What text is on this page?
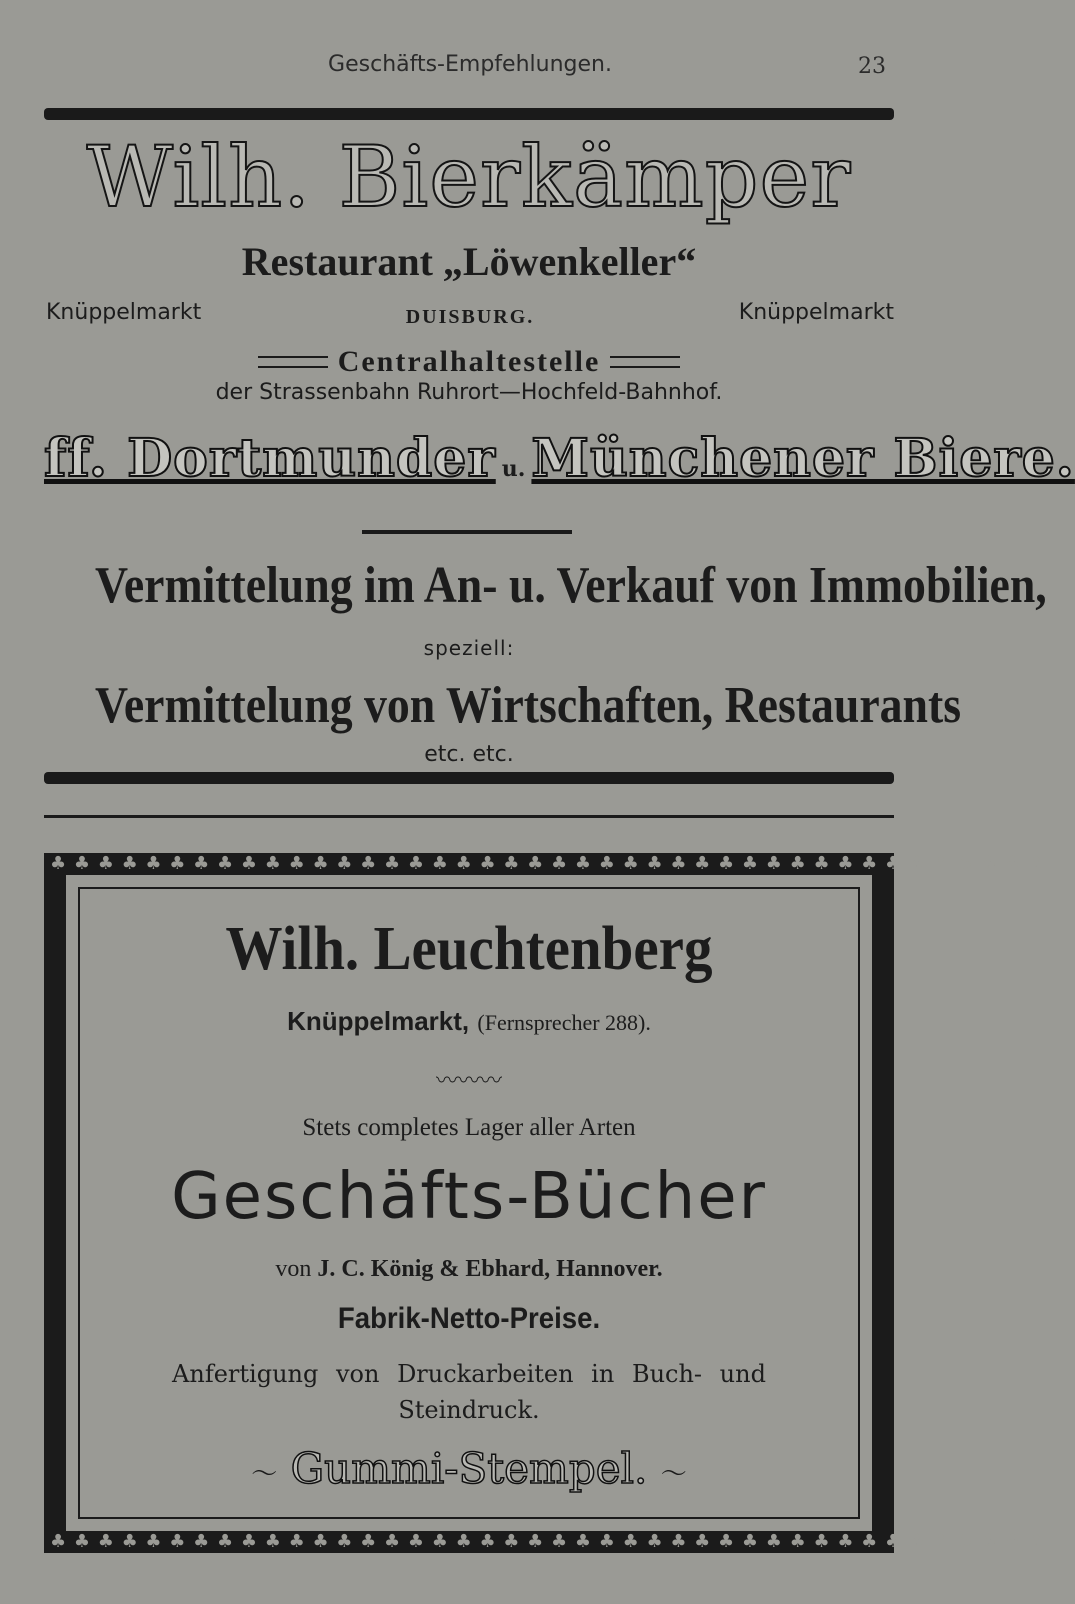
Geschäfts-Empfehlungen.	23
Wilh. Bierkämper
Restaurant „Löwenkeller“
Knüppelmarkt	DUISBURG.	Knüppelmarkt
Centralhaltestelle
der Strassenbahn Ruhrort—Hochfeld-Bahnhof.
ff. Dortmunder u. Münchener Biere.
Vermittelung im An- u. Verkauf von Immobilien,
speziell:
Vermittelung von Wirtschaften, Restaurants
etc. etc.
♣ ♣ ♣ ♣ ♣ ♣ ♣ ♣ ♣ ♣ ♣ ♣ ♣ ♣ ♣ ♣ ♣ ♣ ♣ ♣ ♣ ♣ ♣ ♣ ♣ ♣ ♣ ♣ ♣ ♣ ♣ ♣ ♣ ♣ ♣ ♣ ♣ ♣ ♣ ♣ ♣ ♣
♣ ♣ ♣ ♣ ♣ ♣ ♣ ♣ ♣ ♣ ♣ ♣ ♣ ♣ ♣ ♣ ♣ ♣ ♣ ♣ ♣ ♣ ♣ ♣ ♣ ♣ ♣ ♣ ♣ ♣ ♣ ♣ ♣ ♣ ♣ ♣ ♣ ♣ ♣ ♣ ♣ ♣
Wilh. Leuchtenberg
Knüppelmarkt, (Fernsprecher 288).
〰〰〰
Stets completes Lager aller Arten
Geschäfts-Bücher
von J. C. König & Ebhard, Hannover.
Fabrik-Netto-Preise.
Anfertigung von Druckarbeiten in Buch- und
Steindruck.
〜 Gummi-Stempel. 〜
